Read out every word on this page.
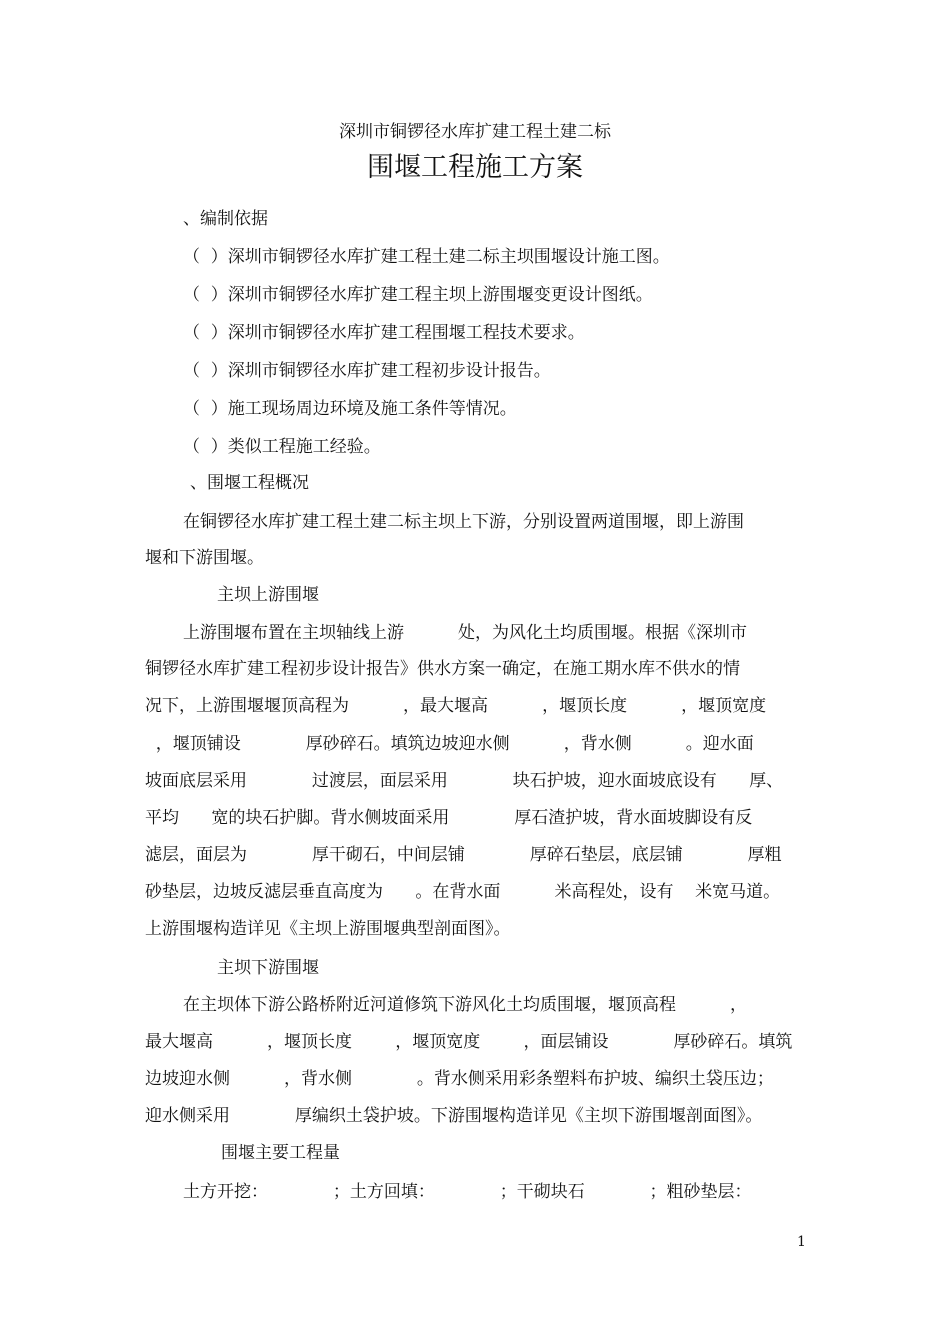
深圳市铜锣径水库扩建工程土建二标
围堰工程施工方案
、编制依据
（  ）深圳市铜锣径水库扩建工程土建二标主坝围堰设计施工图。
（  ）深圳市铜锣径水库扩建工程主坝上游围堰变更设计图纸。
（  ）深圳市铜锣径水库扩建工程围堰工程技术要求。
（  ）深圳市铜锣径水库扩建工程初步设计报告。
（  ）施工现场周边环境及施工条件等情况。
（  ）类似工程施工经验。
、围堰工程概况
在铜锣径水库扩建工程土建二标主坝上下游，分别设置两道围堰，即上游围
堰和下游围堰。
主坝上游围堰
上游围堰布置在主坝轴线上游          处，为风化土均质围堰。根据《深圳市
铜锣径水库扩建工程初步设计报告》供水方案一确定，在施工期水库不供水的情
况下，上游围堰堰顶高程为          ，最大堰高          ，堰顶长度          ，堰顶宽度
，堰顶铺设            厚砂碎石。填筑边坡迎水侧          ，背水侧          。迎水面
坡面底层采用            过渡层，面层采用            块石护坡，迎水面坡底设有      厚、
平均      宽的块石护脚。背水侧坡面采用            厚石渣护坡，背水面坡脚设有反
滤层，面层为            厚干砌石，中间层铺            厚碎石垫层，底层铺            厚粗
砂垫层，边坡反滤层垂直高度为      。在背水面          米高程处，设有    米宽马道。
上游围堰构造详见《主坝上游围堰典型剖面图》。
主坝下游围堰
在主坝体下游公路桥附近河道修筑下游风化土均质围堰，堰顶高程          ，
最大堰高          ，堰顶长度        ，堰顶宽度        ，面层铺设            厚砂碎石。填筑
边坡迎水侧          ，背水侧            。背水侧采用彩条塑料布护坡、编织土袋压边；
迎水侧采用            厚编织土袋护坡。下游围堰构造详见《主坝下游围堰剖面图》。
围堰主要工程量
土方开挖：            ；土方回填：            ；干砌块石            ；粗砂垫层：
1
